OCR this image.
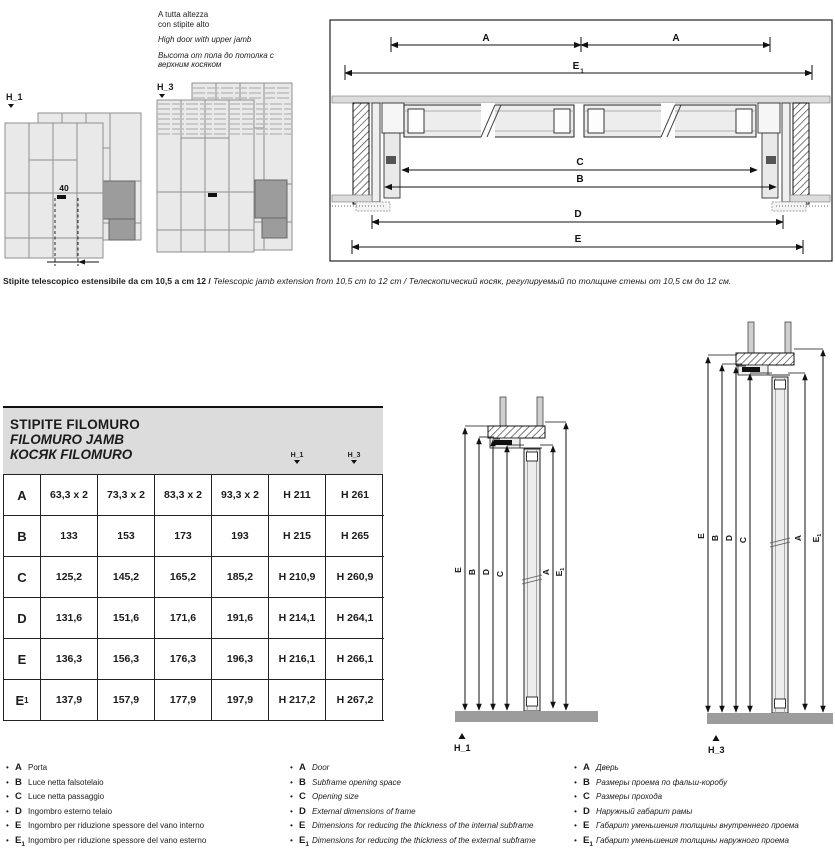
A tutta altezza
con stipite alto
High door with upper jamb
Высота от пола до потолка с
верхним косяком
H_1
H_3
40
A	A
E 1
C
B
D
E
Stipite telescopico estensibile da cm 10,5 a cm 12 / Telescopic jamb extension from 10,5 cm to 12 cm / Телескопический косяк, регулируемый по толщине стены от 10,5 см до 12 см.
STIPITE FILOMURO
FILOMURO JAMB
КОСЯК FILOMURO	H_1	H_3
A	63,3 x 2	73,3 x 2	83,3 x 2	93,3 x 2	H 211	H 261
B	133	153	173	193	H 215	H 265
C	125,2	145,2	165,2	185,2	H 210,9	H 260,9
D	131,6	151,6	171,6	191,6	H 214,1	H 264,1
E	136,3	156,3	176,3	196,3	H 216,1	H 266,1
E 1	137,9	157,9	177,9	197,9	H 217,2	H 267,2
E B D C	A $E_1$
H_1
E B D C	A $E_1$
H_3
• A Porta
• B Luce netta falsotelaio
• C Luce netta passaggio
• D Ingombro esterno telaio
• E Ingombro per riduzione spessore del vano interno
• $E_1$ Ingombro per riduzione spessore del vano esterno
• A Door
• B Subframe opening space
• C Opening size
• D External dimensions of frame
• E Dimensions for reducing the thickness of the internal subframe
• $E_1$ Dimensions for reducing the thickness of the external subframe
• A Дверь
• B Размеры проема по фальш-коробу
• C Размеры прохода
• D Наружный габарит рамы
• E Габарит уменьшения толщины внутреннего проема
• $E_1$ Габарит уменьшения толщины наружного проема
